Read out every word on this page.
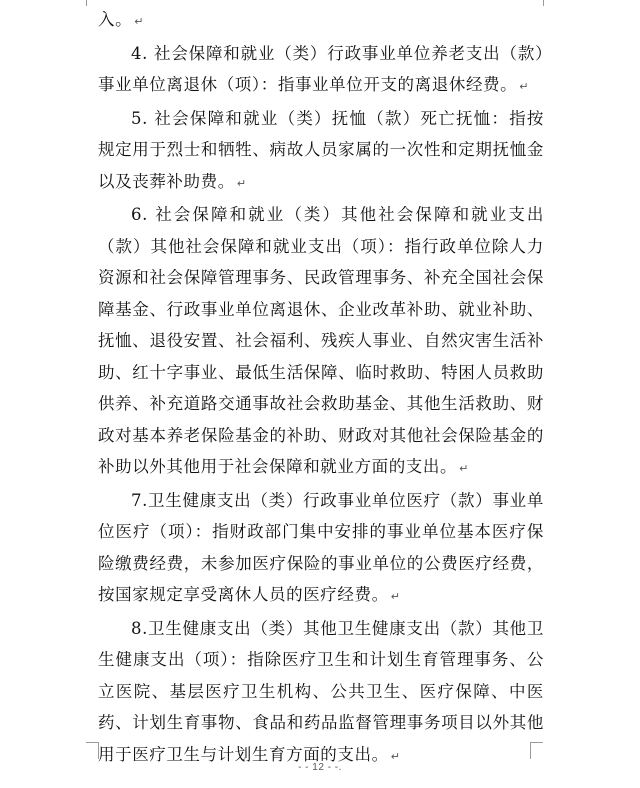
入。 ↵

4. 社会保障和就业（类）行政事业单位养老支出（款）事业单位离退休（项）：指事业单位开支的离退休经费。 ↵

5. 社会保障和就业（类）抚恤（款）死亡抚恤：指按规定用于烈士和牺牲、病故人员家属的一次性和定期抚恤金以及丧葬补助费。 ↵

6. 社会保障和就业（类）其他社会保障和就业支出（款）其他社会保障和就业支出（项）：指行政单位除人力资源和社会保障管理事务、民政管理事务、补充全国社会保障基金、行政事业单位离退休、企业改革补助、就业补助、抚恤、退役安置、社会福利、残疾人事业、自然灾害生活补助、红十字事业、最低生活保障、临时救助、特困人员救助供养、补充道路交通事故社会救助基金、其他生活救助、财政对基本养老保险基金的补助、财政对其他社会保险基金的补助以外其他用于社会保障和就业方面的支出。 ↵

7.卫生健康支出（类）行政事业单位医疗（款）事业单位医疗（项）：指财政部门集中安排的事业单位基本医疗保险缴费经费，未参加医疗保险的事业单位的公费医疗经费，按国家规定享受离休人员的医疗经费。 ↵

8.卫生健康支出（类）其他卫生健康支出（款）其他卫生健康支出（项）：指除医疗卫生和计划生育管理事务、公立医院、基层医疗卫生机构、公共卫生、医疗保障、中医药、计划生育事物、食品和药品监督管理事务项目以外其他用于医疗卫生与计划生育方面的支出。 ↵

- - 12 - -.
